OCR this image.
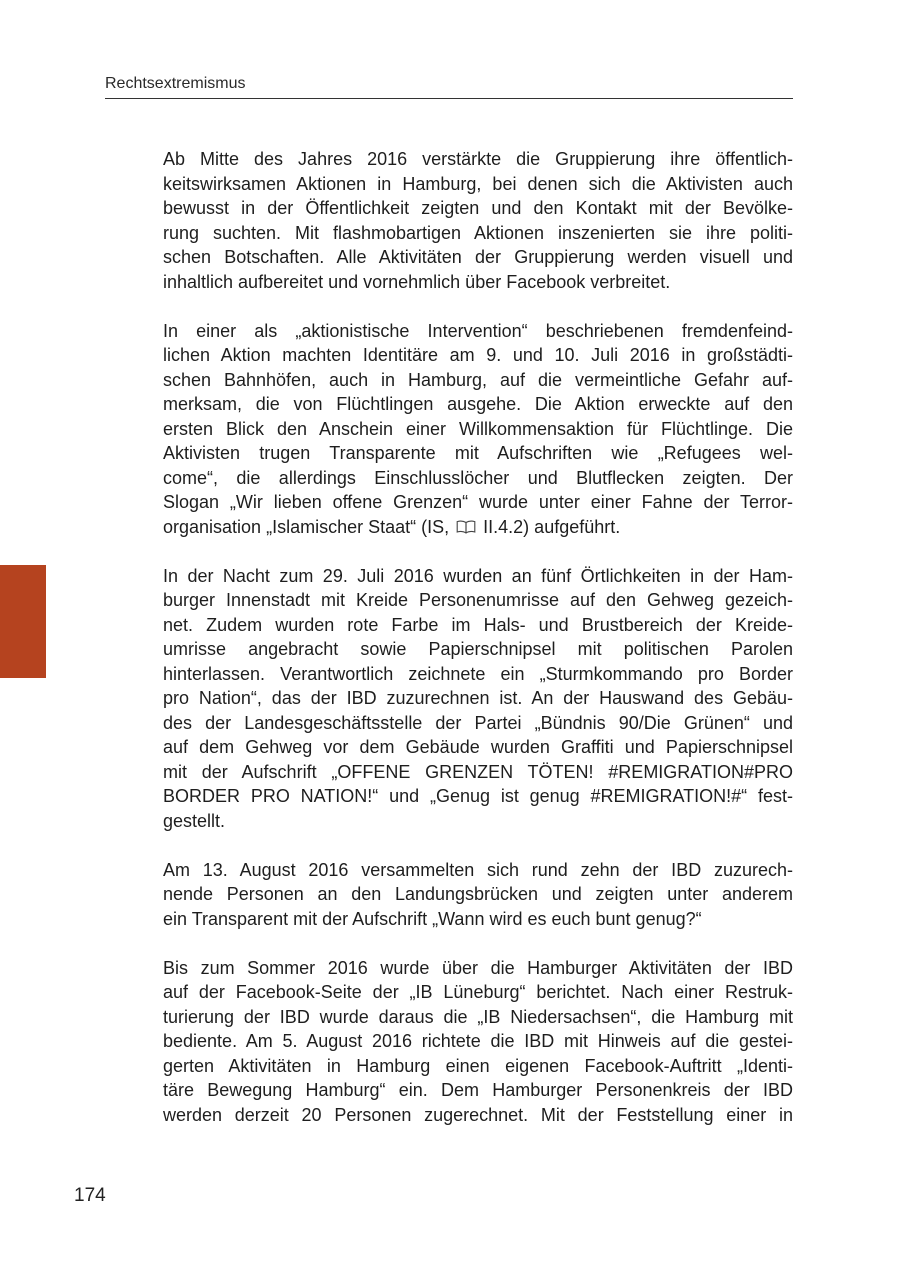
Rechtsextremismus

Ab Mitte des Jahres 2016 verstärkte die Gruppierung ihre öffentlich-
keitswirksamen Aktionen in Hamburg, bei denen sich die Aktivisten auch
bewusst in der Öffentlichkeit zeigten und den Kontakt mit der Bevölke-
rung suchten. Mit flashmobartigen Aktionen inszenierten sie ihre politi-
schen Botschaften. Alle Aktivitäten der Gruppierung werden visuell und
inhaltlich aufbereitet und vornehmlich über Facebook verbreitet.

In einer als „aktionistische Intervention“ beschriebenen fremdenfeind-
lichen Aktion machten Identitäre am 9. und 10. Juli 2016 in großstädti-
schen Bahnhöfen, auch in Hamburg, auf die vermeintliche Gefahr auf-
merksam, die von Flüchtlingen ausgehe. Die Aktion erweckte auf den
ersten Blick den Anschein einer Willkommensaktion für Flüchtlinge. Die
Aktivisten trugen Transparente mit Aufschriften wie „Refugees wel-
come“, die allerdings Einschlusslöcher und Blutflecken zeigten. Der
Slogan „Wir lieben offene Grenzen“ wurde unter einer Fahne der Terror-
organisation „Islamischer Staat“ (IS, II.4.2) aufgeführt.

In der Nacht zum 29. Juli 2016 wurden an fünf Örtlichkeiten in der Ham-
burger Innenstadt mit Kreide Personenumrisse auf den Gehweg gezeich-
net. Zudem wurden rote Farbe im Hals- und Brustbereich der Kreide-
umrisse angebracht sowie Papierschnipsel mit politischen Parolen
hinterlassen. Verantwortlich zeichnete ein „Sturmkommando pro Border
pro Nation“, das der IBD zuzurechnen ist. An der Hauswand des Gebäu-
des der Landesgeschäftsstelle der Partei „Bündnis 90/Die Grünen“ und
auf dem Gehweg vor dem Gebäude wurden Graffiti und Papierschnipsel
mit der Aufschrift „OFFENE GRENZEN TÖTEN! #REMIGRATION#PRO
BORDER PRO NATION!“ und „Genug ist genug #REMIGRATION!#“ fest-
gestellt.

Am 13. August 2016 versammelten sich rund zehn der IBD zuzurech-
nende Personen an den Landungsbrücken und zeigten unter anderem
ein Transparent mit der Aufschrift „Wann wird es euch bunt genug?“

Bis zum Sommer 2016 wurde über die Hamburger Aktivitäten der IBD
auf der Facebook-Seite der „IB Lüneburg“ berichtet. Nach einer Restruk-
turierung der IBD wurde daraus die „IB Niedersachsen“, die Hamburg mit
bediente. Am 5. August 2016 richtete die IBD mit Hinweis auf die gestei-
gerten Aktivitäten in Hamburg einen eigenen Facebook-Auftritt „Identi-
täre Bewegung Hamburg“ ein. Dem Hamburger Personenkreis der IBD
werden derzeit 20 Personen zugerechnet. Mit der Feststellung einer in

174
